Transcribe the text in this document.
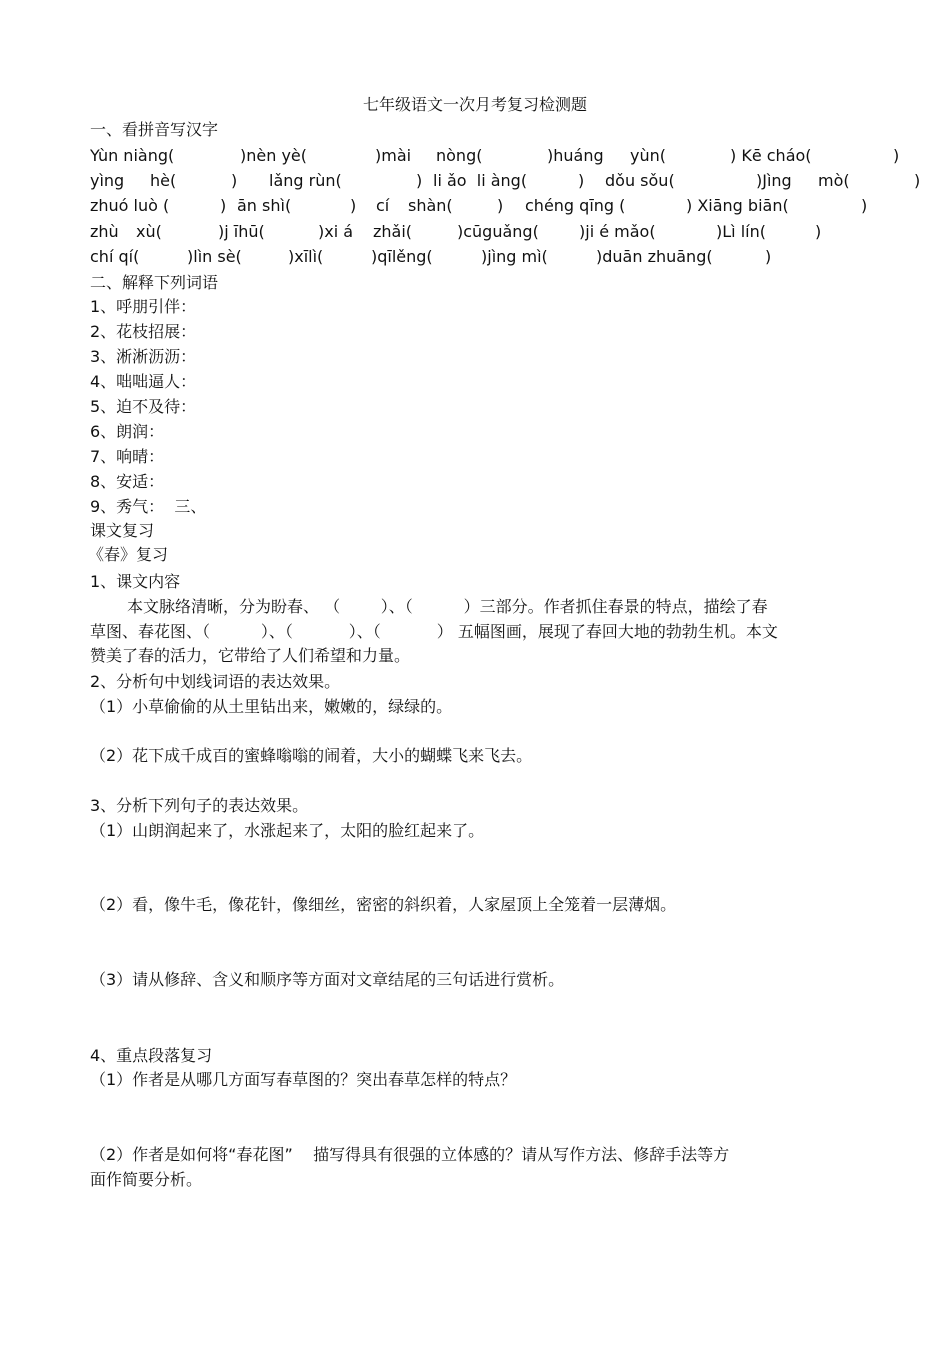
七年级语文一次月考复习检测题
一、看拼音写汉字
Yùn niàng(	)nèn yè(	)mài nòng(	)huáng yùn(	) Kē cháo(	)
yìng hè(	) lǎng rùn(	) li ǎo  li àng(	) dǒu sǒu(	)Jìng mò(	)
zhuó luò (	) ān shì(	) cí shàn(	) chéng qīng (	) Xiāng biān(	)
zhù xù(	)j īhū(	)xi á zhǎi(	)cūguǎng(	)ji é mǎo(	)Lì lín(	)
chí qí(	)lìn sè(	)xīlì(	)qīlěng(	)jìng mì(	)duān zhuāng(	)
二、解释下列词语
1、呼朋引伴：
2、花枝招展：
3、淅淅沥沥：
4、咄咄逼人：
5、迫不及待：
6、朗润：
7、响晴：
8、安适：
9、秀气：  三、
课文复习
《春》复习
1、课文内容
本文脉络清晰，分为盼春、 （        ）、（          ）三部分。作者抓住春景的特点，描绘了春
草图、春花图、（          ）、（           ）、（           ） 五幅图画，展现了春回大地的勃勃生机。本文
赞美了春的活力，它带给了人们希望和力量。
2、分析句中划线词语的表达效果。
（1）小草偷偷的从土里钻出来，嫩嫩的，绿绿的。
（2）花下成千成百的蜜蜂嗡嗡的闹着，大小的蝴蝶飞来飞去。
3、分析下列句子的表达效果。
（1）山朗润起来了，水涨起来了，太阳的脸红起来了。
（2）看，像牛毛，像花针，像细丝，密密的斜织着，人家屋顶上全笼着一层薄烟。
（3）请从修辞、含义和顺序等方面对文章结尾的三句话进行赏析。
4、重点段落复习
（1）作者是从哪几方面写春草图的？突出春草怎样的特点？
（2）作者是如何将“春花图”    描写得具有很强的立体感的？请从写作方法、修辞手法等方
面作简要分析。
